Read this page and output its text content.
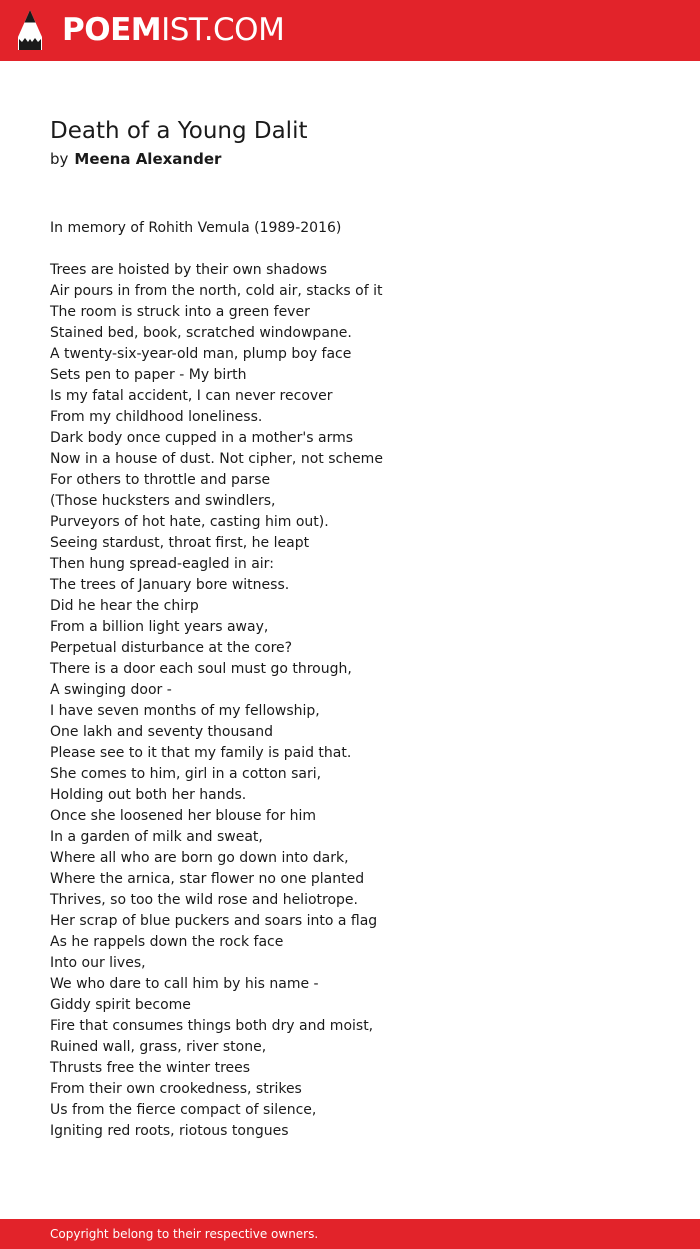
POEMIST.COM
Death of a Young Dalit
by Meena Alexander
In memory of Rohith Vemula (1989-2016)
Trees are hoisted by their own shadows
Air pours in from the north, cold air, stacks of it
The room is struck into a green fever
Stained bed, book, scratched windowpane.
A twenty-six-year-old man, plump boy face
Sets pen to paper - My birth
Is my fatal accident, I can never recover
From my childhood loneliness.
Dark body once cupped in a mother's arms
Now in a house of dust. Not cipher, not scheme
For others to throttle and parse
(Those hucksters and swindlers,
Purveyors of hot hate, casting him out).
Seeing stardust, throat first, he leapt
Then hung spread-eagled in air:
The trees of January bore witness.
Did he hear the chirp
From a billion light years away,
Perpetual disturbance at the core?
There is a door each soul must go through,
A swinging door -
I have seven months of my fellowship,
One lakh and seventy thousand
Please see to it that my family is paid that.
She comes to him, girl in a cotton sari,
Holding out both her hands.
Once she loosened her blouse for him
In a garden of milk and sweat,
Where all who are born go down into dark,
Where the arnica, star flower no one planted
Thrives, so too the wild rose and heliotrope.
Her scrap of blue puckers and soars into a flag
As he rappels down the rock face
Into our lives,
We who dare to call him by his name -
Giddy spirit become
Fire that consumes things both dry and moist,
Ruined wall, grass, river stone,
Thrusts free the winter trees
From their own crookedness, strikes
Us from the fierce compact of silence,
Igniting red roots, riotous tongues
Copyright belong to their respective owners.
